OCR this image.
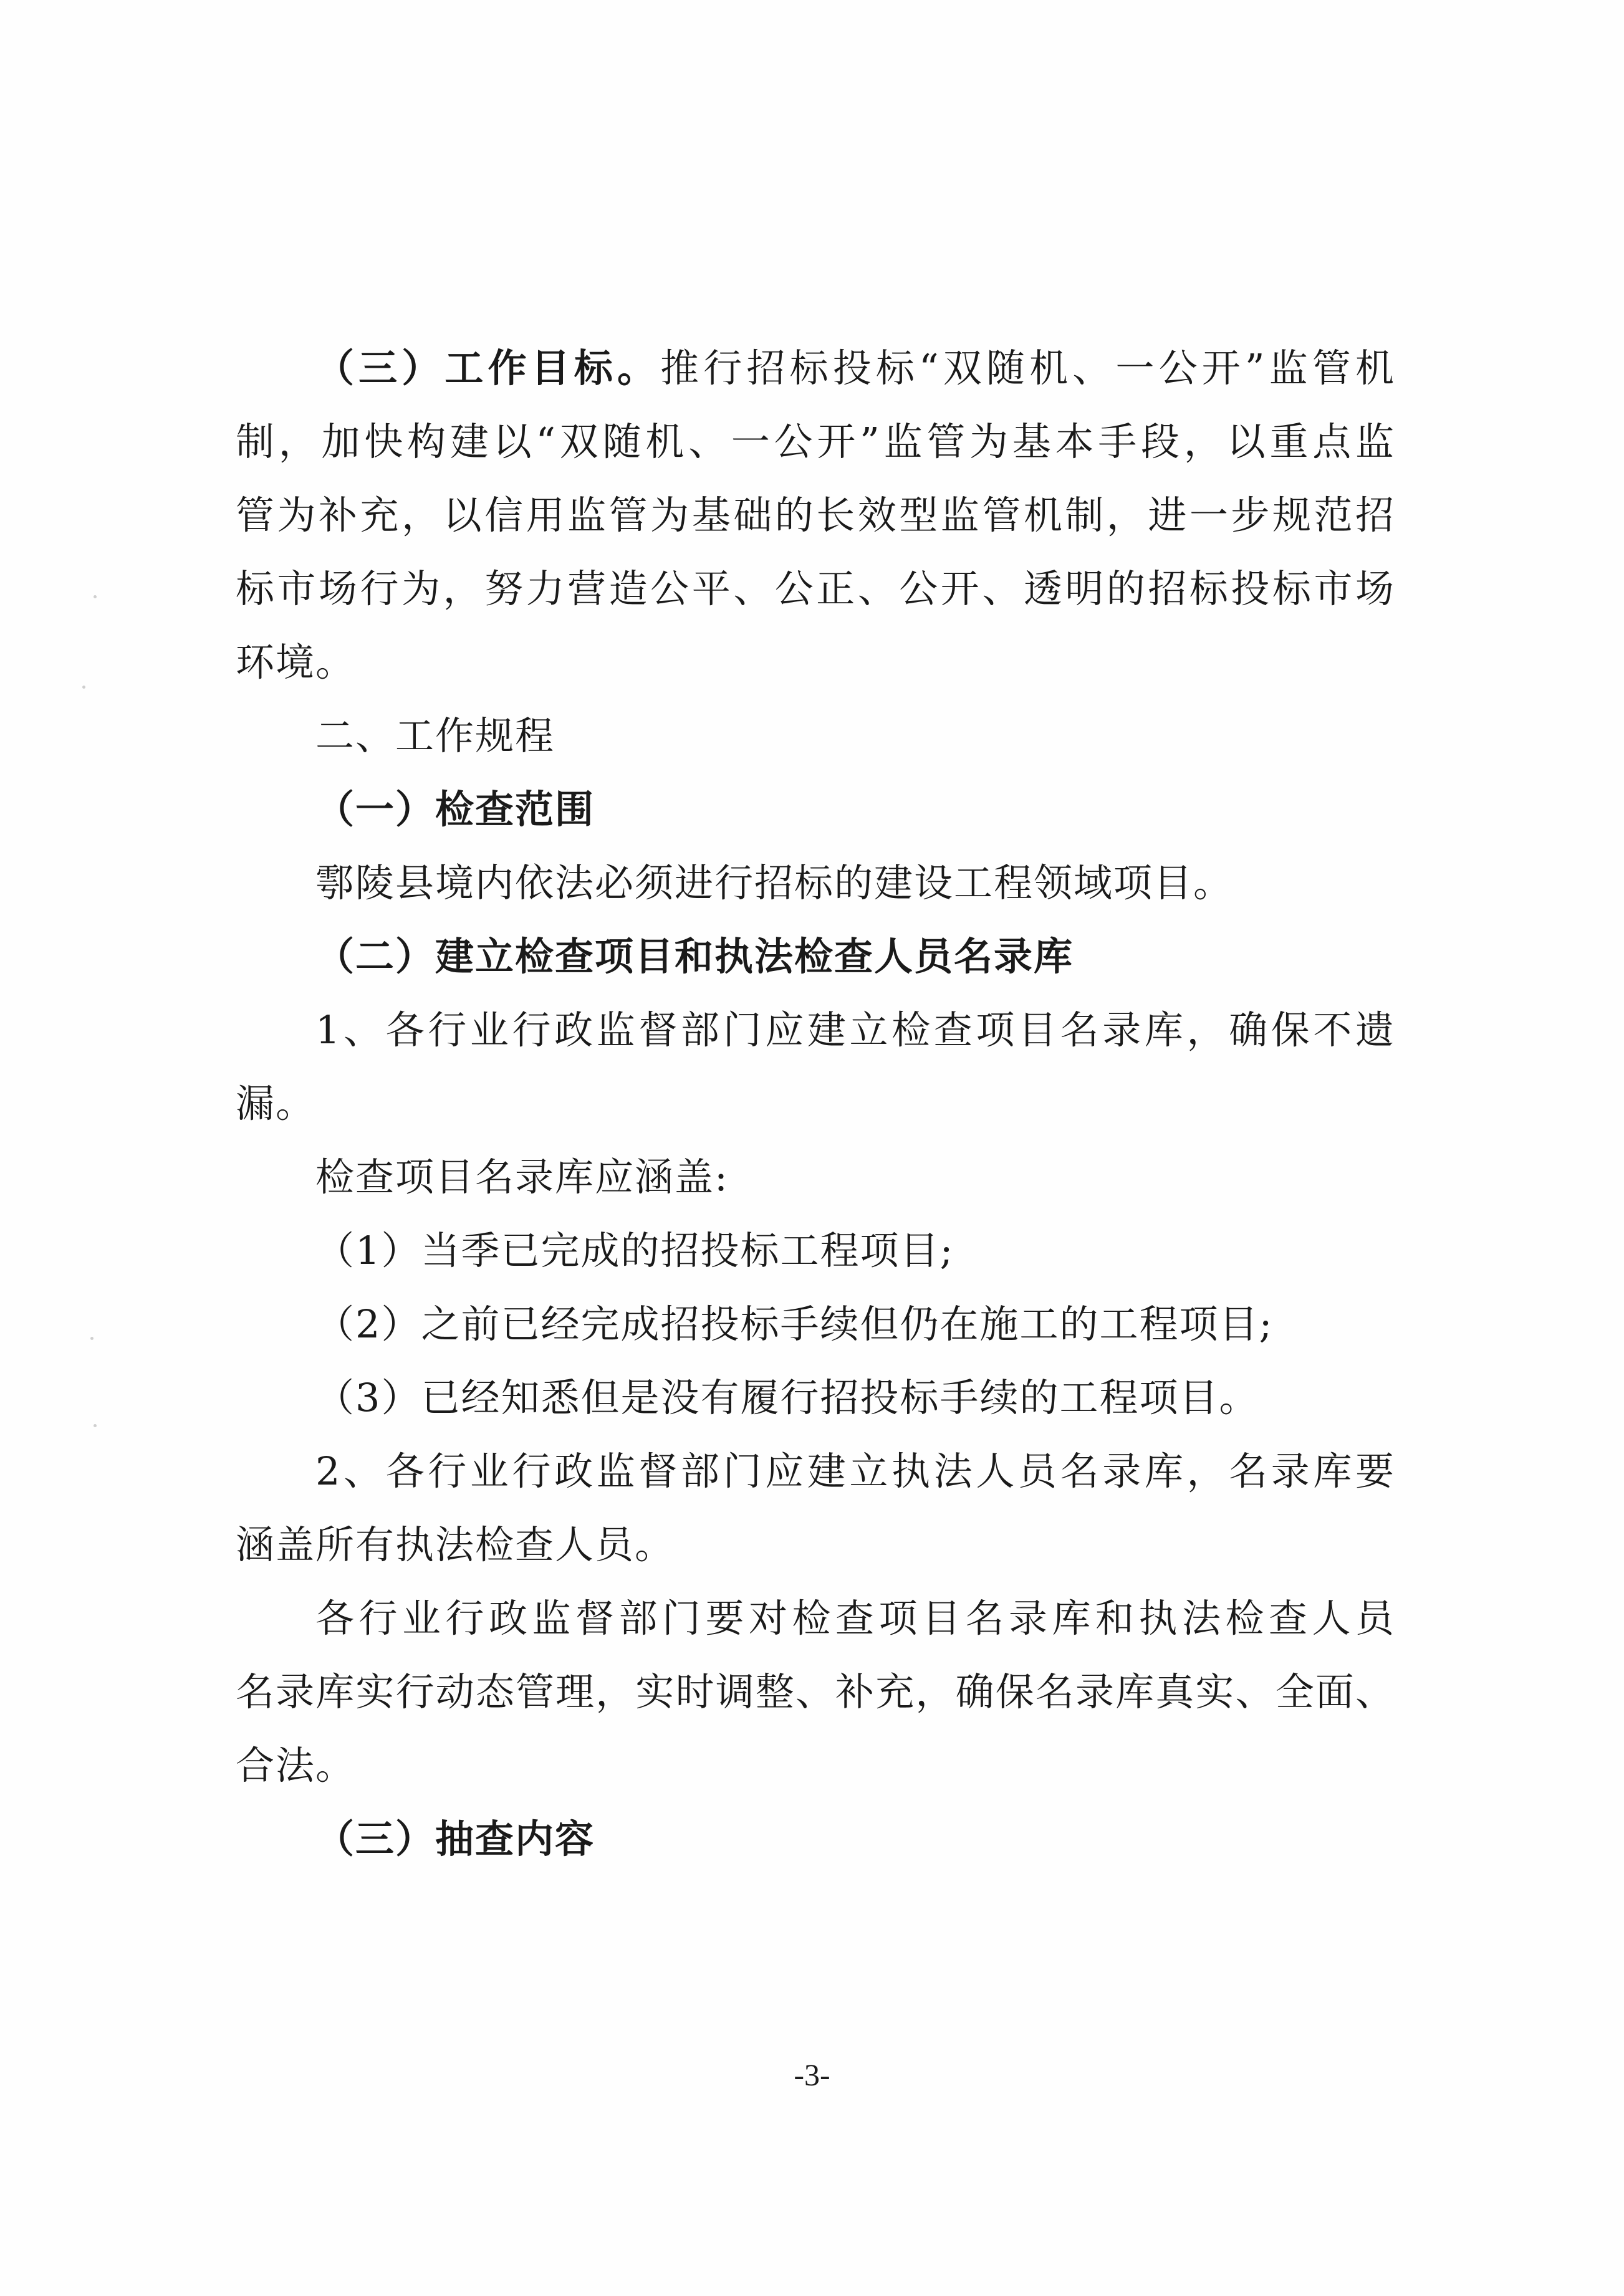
（三）工作目标。推行招标投标“双随机、一公开”监管机
制，加快构建以“双随机、一公开”监管为基本手段，以重点监
管为补充，以信用监管为基础的长效型监管机制，进一步规范招
标市场行为，努力营造公平、公正、公开、透明的招标投标市场
环境。
二、工作规程
（一）检查范围
鄠陵县境内依法必须进行招标的建设工程领域项目。
（二）建立检查项目和执法检查人员名录库
1、各行业行政监督部门应建立检查项目名录库，确保不遗
漏。
检查项目名录库应涵盖:
（1）当季已完成的招投标工程项目;
（2）之前已经完成招投标手续但仍在施工的工程项目;
（3）已经知悉但是没有履行招投标手续的工程项目。
2、各行业行政监督部门应建立执法人员名录库，名录库要
涵盖所有执法检查人员。
各行业行政监督部门要对检查项目名录库和执法检查人员
名录库实行动态管理，实时调整、补充，确保名录库真实、全面、
合法。
（三）抽查内容
-3-
